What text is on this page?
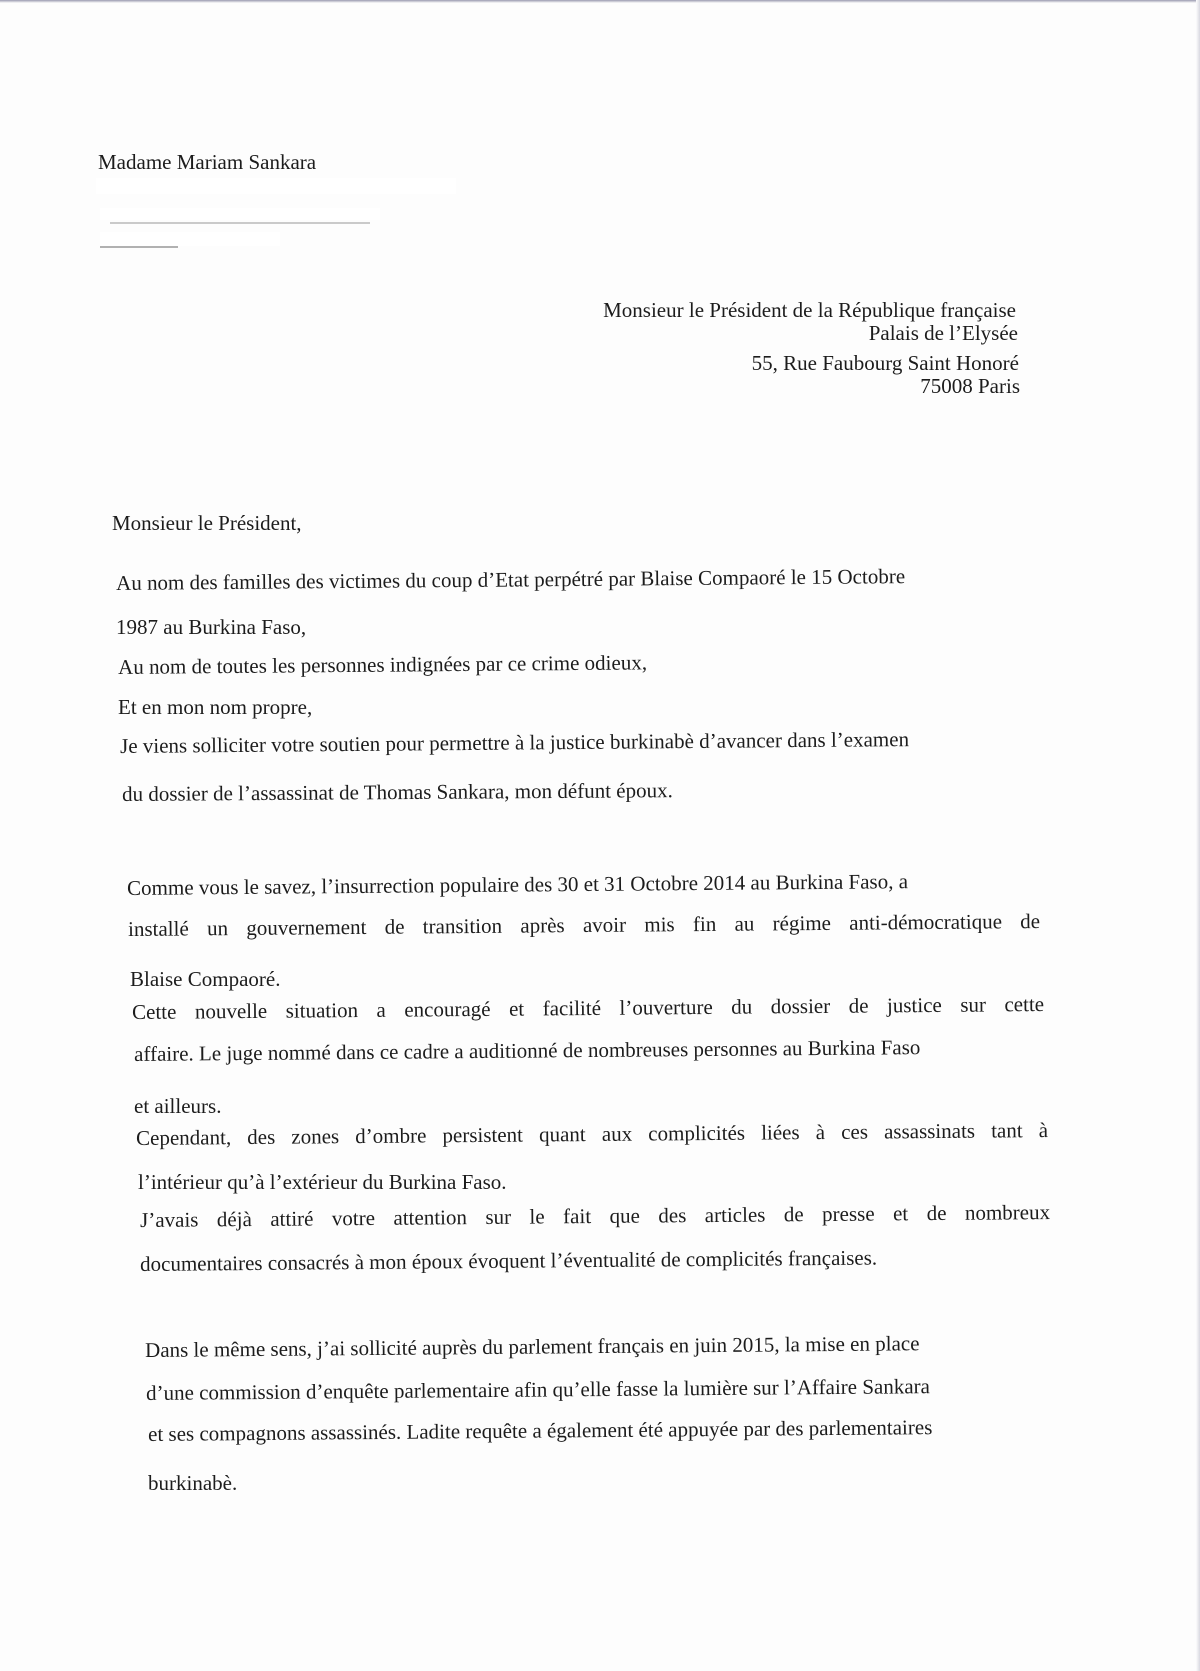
Madame Mariam Sankara
Monsieur le Président de la République française
Palais de l’Elysée
55, Rue Faubourg Saint Honoré
75008 Paris
Monsieur le Président,
Au nom des familles des victimes du coup d’Etat perpétré par Blaise Compaoré le 15 Octobre
1987 au Burkina Faso,
Au nom de toutes les personnes indignées par ce crime odieux,
Et en mon nom propre,
Je viens solliciter votre soutien pour permettre à la justice burkinabè d’avancer dans l’examen
du dossier de l’assassinat de Thomas Sankara, mon défunt époux.
Comme vous le savez, l’insurrection populaire des 30 et 31 Octobre 2014 au Burkina Faso, a
installé un gouvernement de transition après avoir mis fin au régime anti-démocratique de
Blaise Compaoré.
Cette nouvelle situation a encouragé et facilité l’ouverture du dossier de justice sur cette
affaire. Le juge nommé dans ce cadre a auditionné de nombreuses personnes au Burkina Faso
et ailleurs.
Cependant, des zones d’ombre persistent quant aux complicités liées à ces assassinats tant à
l’intérieur qu’à l’extérieur du Burkina Faso.
J’avais déjà attiré votre attention sur le fait que des articles de presse et de nombreux
documentaires consacrés à mon époux évoquent l’éventualité de complicités françaises.
Dans le même sens, j’ai sollicité auprès du parlement français en juin 2015, la mise en place
d’une commission d’enquête parlementaire afin qu’elle fasse la lumière sur l’Affaire Sankara
et ses compagnons assassinés. Ladite requête a également été appuyée par des parlementaires
burkinabè.
